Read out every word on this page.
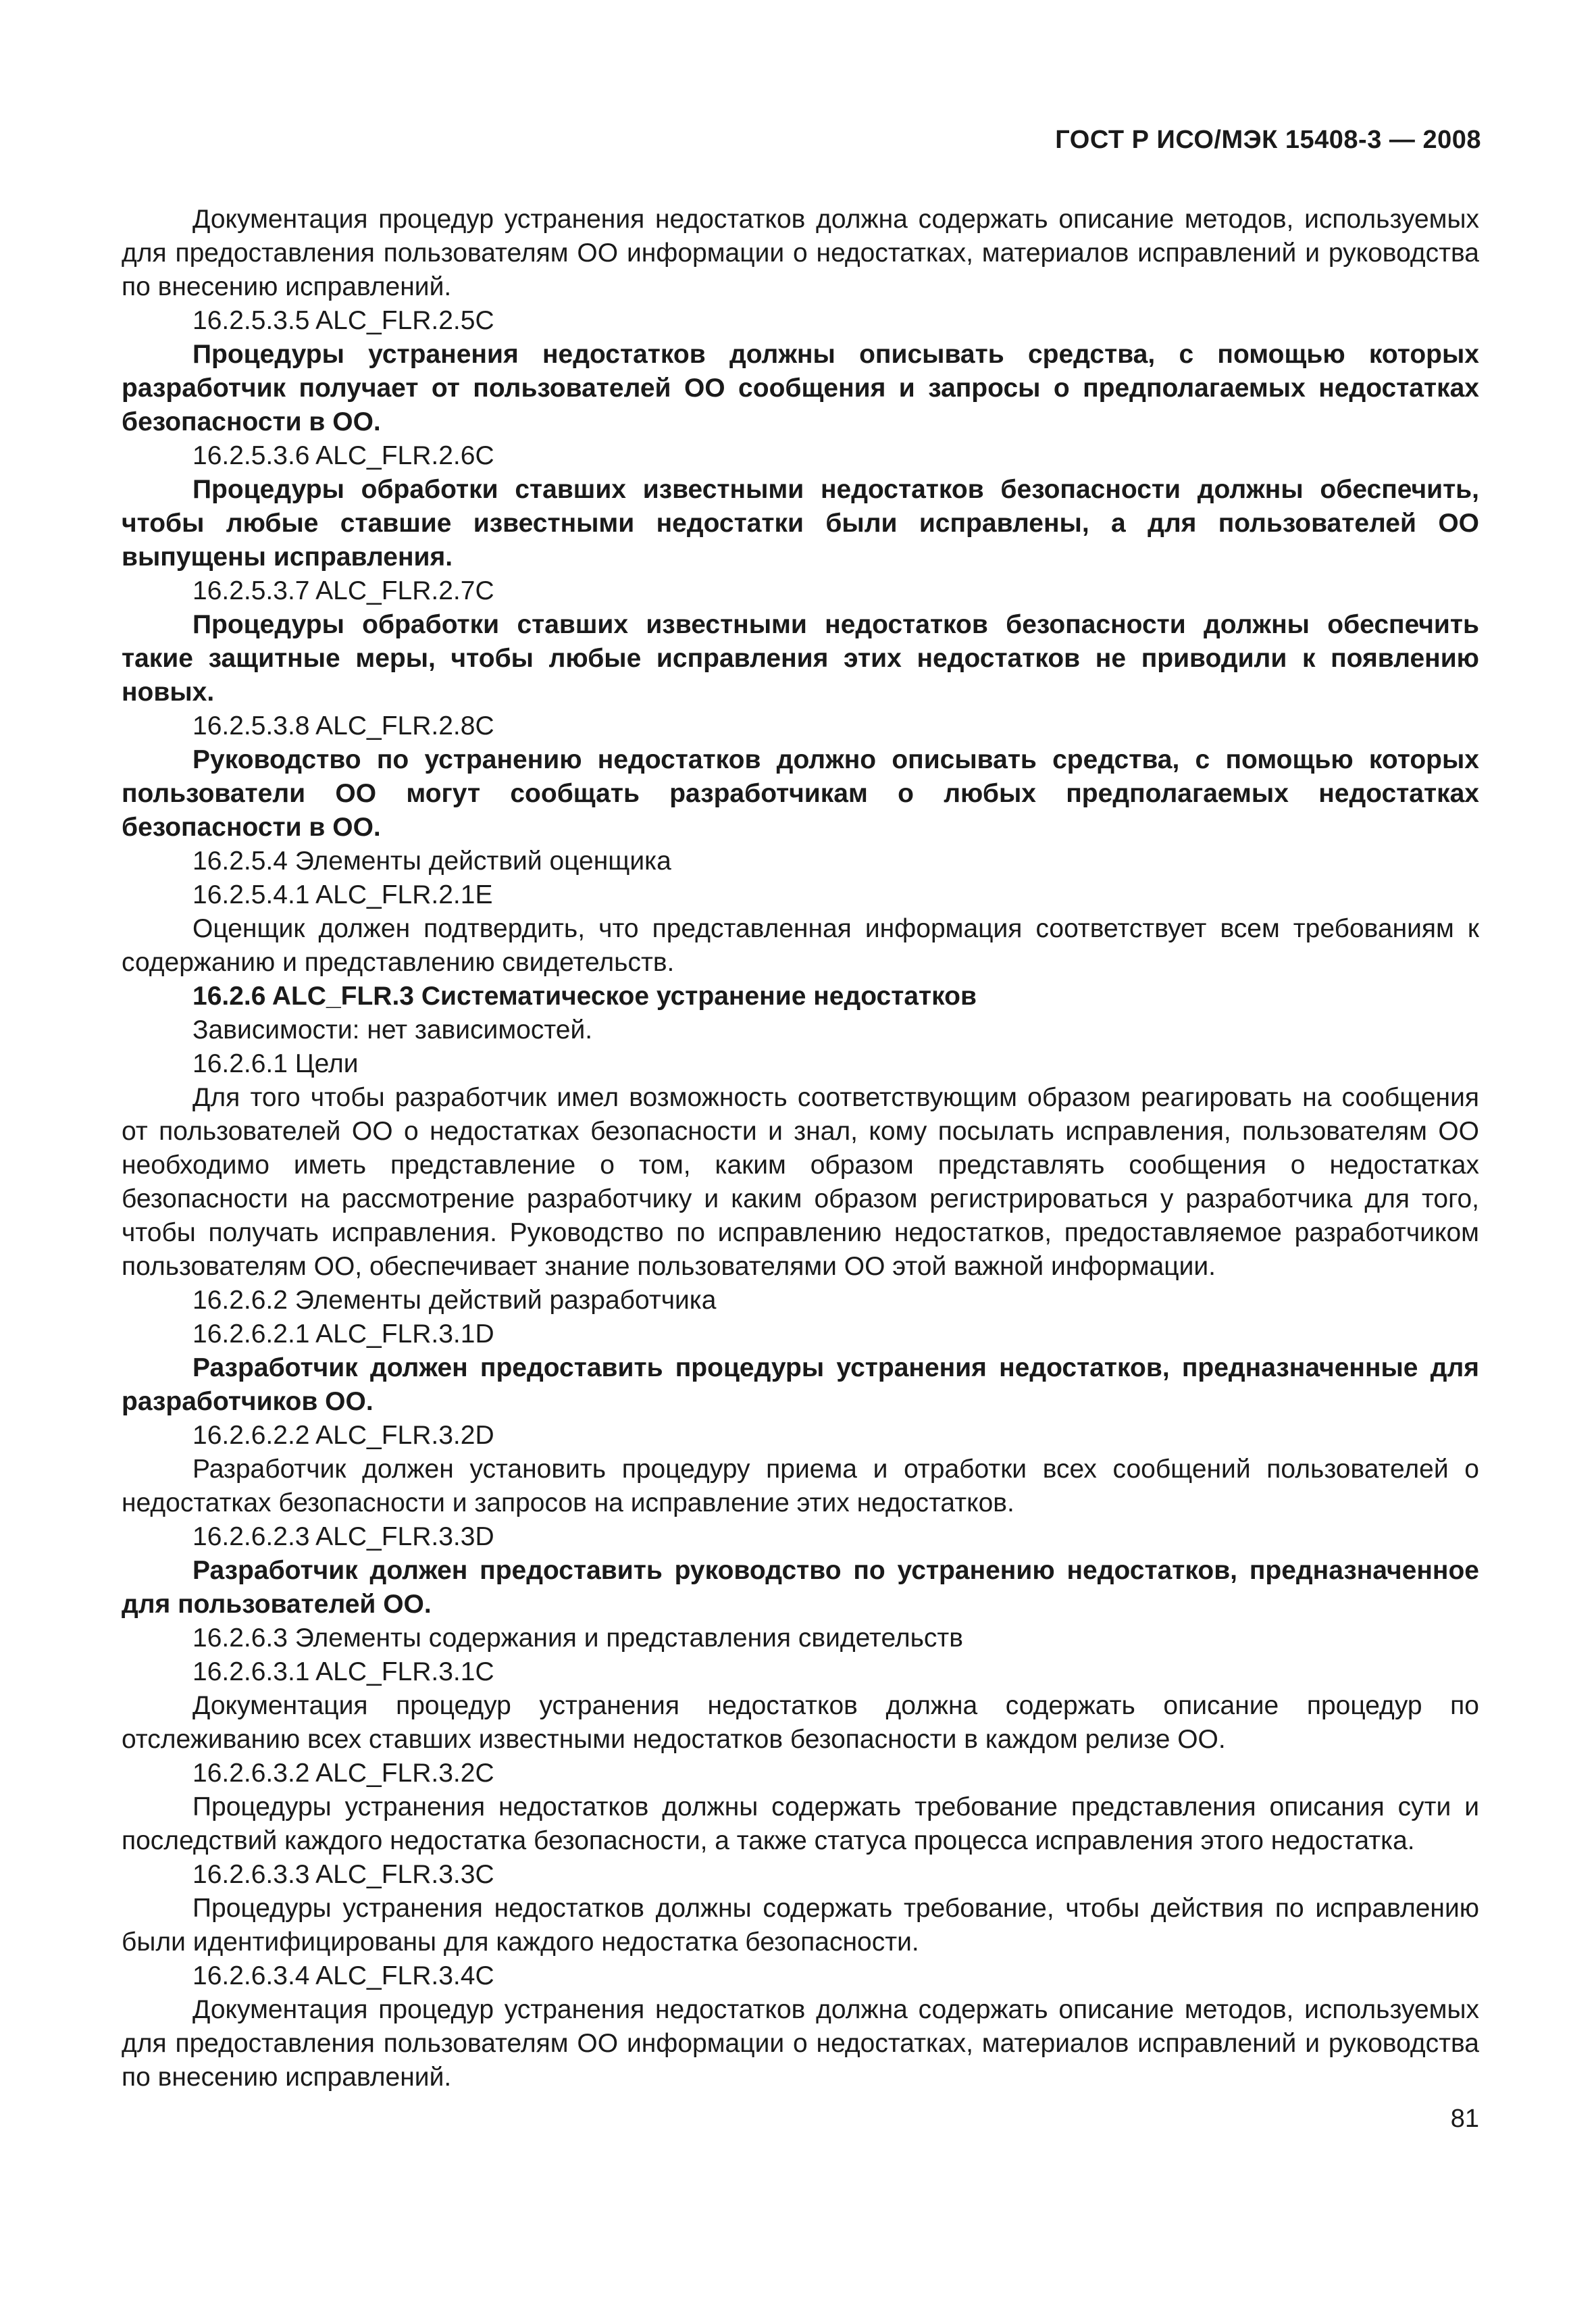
ГОСТ Р ИСО/МЭК 15408-3 — 2008

Документация процедур устранения недостатков должна содержать описание методов, используемых для предоставления пользователям ОО информации о недостатках, материалов исправлений и руководства по внесению исправлений.

16.2.5.3.5 ALC_FLR.2.5C

Процедуры устранения недостатков должны описывать средства, с помощью которых разработчик получает от пользователей ОО сообщения и запросы о предполагаемых недостатках безопасности в ОО.

16.2.5.3.6 ALC_FLR.2.6C

Процедуры обработки ставших известными недостатков безопасности должны обеспечить, чтобы любые ставшие известными недостатки были исправлены, а для пользователей ОО выпущены исправления.

16.2.5.3.7 ALC_FLR.2.7C

Процедуры обработки ставших известными недостатков безопасности должны обеспечить такие защитные меры, чтобы любые исправления этих недостатков не приводили к появлению новых.

16.2.5.3.8 ALC_FLR.2.8C

Руководство по устранению недостатков должно описывать средства, с помощью которых пользователи ОО могут сообщать разработчикам о любых предполагаемых недостатках безопасности в ОО.

16.2.5.4 Элементы действий оценщика

16.2.5.4.1 ALC_FLR.2.1E

Оценщик должен подтвердить, что представленная информация соответствует всем требованиям к содержанию и представлению свидетельств.

16.2.6 ALC_FLR.3 Систематическое устранение недостатков

Зависимости: нет зависимостей.

16.2.6.1 Цели

Для того чтобы разработчик имел возможность соответствующим образом реагировать на сообщения от пользователей ОО о недостатках безопасности и знал, кому посылать исправления, пользователям ОО необходимо иметь представление о том, каким образом представлять сообщения о недостатках безопасности на рассмотрение разработчику и каким образом регистрироваться у разработчика для того, чтобы получать исправления. Руководство по исправлению недостатков, предоставляемое разработчиком пользователям ОО, обеспечивает знание пользователями ОО этой важной информации.

16.2.6.2 Элементы действий разработчика

16.2.6.2.1 ALC_FLR.3.1D

Разработчик должен предоставить процедуры устранения недостатков, предназначенные для разработчиков ОО.

16.2.6.2.2 ALC_FLR.3.2D

Разработчик должен установить процедуру приема и отработки всех сообщений пользователей о недостатках безопасности и запросов на исправление этих недостатков.

16.2.6.2.3 ALC_FLR.3.3D

Разработчик должен предоставить руководство по устранению недостатков, предназначенное для пользователей ОО.

16.2.6.3 Элементы содержания и представления свидетельств

16.2.6.3.1 ALC_FLR.3.1C

Документация процедур устранения недостатков должна содержать описание процедур по отслеживанию всех ставших известными недостатков безопасности в каждом релизе ОО.

16.2.6.3.2 ALC_FLR.3.2C

Процедуры устранения недостатков должны содержать требование представления описания сути и последствий каждого недостатка безопасности, а также статуса процесса исправления этого недостатка.

16.2.6.3.3 ALC_FLR.3.3C

Процедуры устранения недостатков должны содержать требование, чтобы действия по исправлению были идентифицированы для каждого недостатка безопасности.

16.2.6.3.4 ALC_FLR.3.4C

Документация процедур устранения недостатков должна содержать описание методов, используемых для предоставления пользователям ОО информации о недостатках, материалов исправлений и руководства по внесению исправлений.

81
